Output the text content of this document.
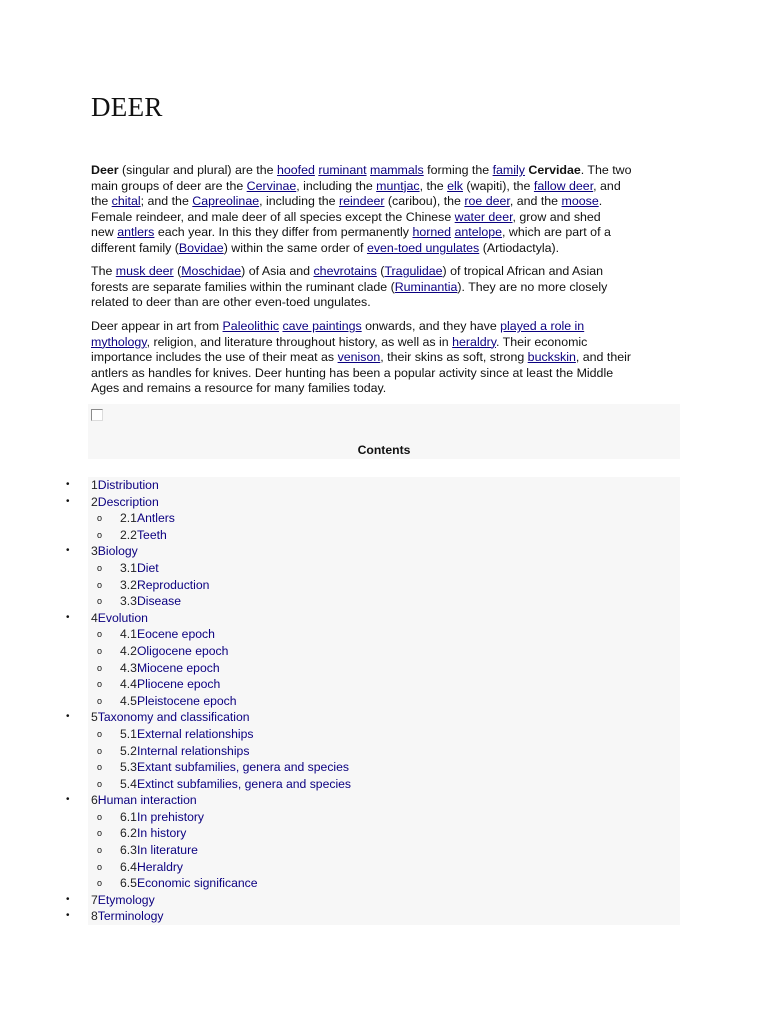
DEER
Deer (singular and plural) are the hoofed ruminant mammals forming the family Cervidae. The two
main groups of deer are the Cervinae, including the muntjac, the elk (wapiti), the fallow deer, and
the chital; and the Capreolinae, including the reindeer (caribou), the roe deer, and the moose.
Female reindeer, and male deer of all species except the Chinese water deer, grow and shed
new antlers each year. In this they differ from permanently horned antelope, which are part of a
different family (Bovidae) within the same order of even-toed ungulates (Artiodactyla).
The musk deer (Moschidae) of Asia and chevrotains (Tragulidae) of tropical African and Asian
forests are separate families within the ruminant clade (Ruminantia). They are no more closely
related to deer than are other even-toed ungulates.
Deer appear in art from Paleolithic cave paintings onwards, and they have played a role in
mythology, religion, and literature throughout history, as well as in heraldry. Their economic
importance includes the use of their meat as venison, their skins as soft, strong buckskin, and their
antlers as handles for knives. Deer hunting has been a popular activity since at least the Middle
Ages and remains a resource for many families today.
Contents
• 1Distribution
• 2Description
o 2.1Antlers
o 2.2Teeth
• 3Biology
o 3.1Diet
o 3.2Reproduction
o 3.3Disease
• 4Evolution
o 4.1Eocene epoch
o 4.2Oligocene epoch
o 4.3Miocene epoch
o 4.4Pliocene epoch
o 4.5Pleistocene epoch
• 5Taxonomy and classification
o 5.1External relationships
o 5.2Internal relationships
o 5.3Extant subfamilies, genera and species
o 5.4Extinct subfamilies, genera and species
• 6Human interaction
o 6.1In prehistory
o 6.2In history
o 6.3In literature
o 6.4Heraldry
o 6.5Economic significance
• 7Etymology
• 8Terminology
